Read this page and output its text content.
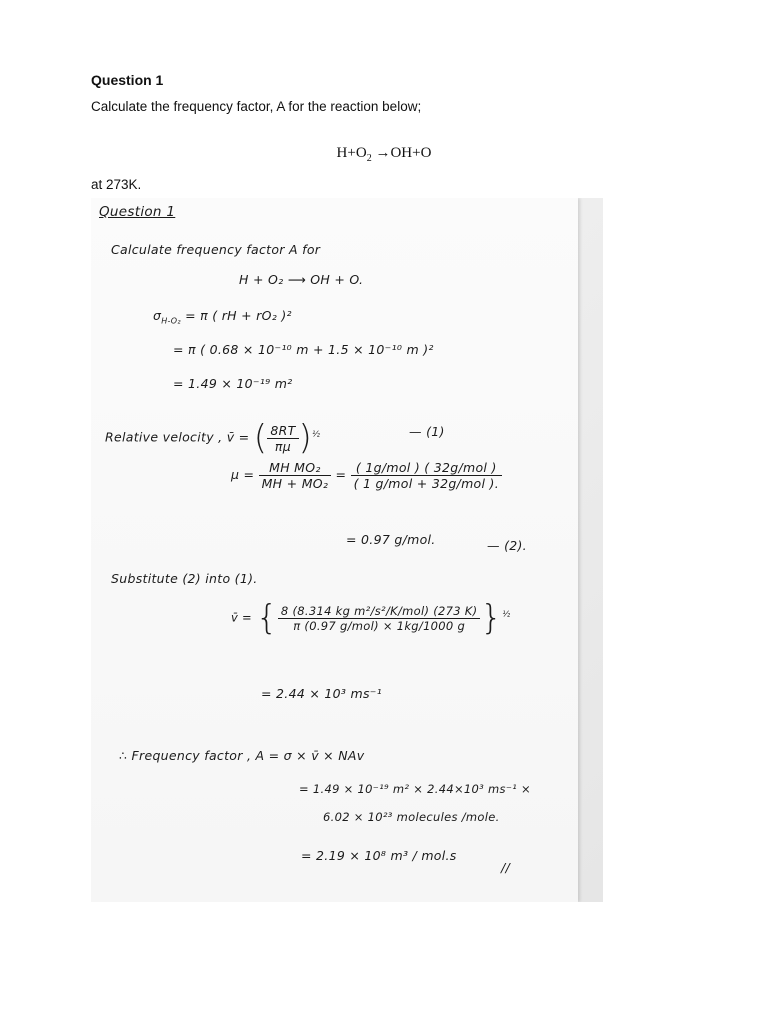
Question 1
Calculate the frequency factor, A for the reaction below;
$H+O_2 \to OH+O$
at 273K.
Question 1
Calculate frequency factor A for
H + O₂ ⟶ OH + O.
$\sigma_{H-O_2} = \pi$ ( rH + rO₂ )²
= π ( 0.68 × 10⁻¹⁰ m + 1.5 × 10⁻¹⁰ m )²
= 1.49 × 10⁻¹⁹ m²
Relative velocity , v̄ = ( $\frac{8RT}{\pi\mu} )^{\frac{1}{2}}$	— (1)
$\mu = \frac{\text{MH MO₂}}{\text{MH + MO₂}} = \frac{\text{( 1g/mol ) ( 32g/mol )}}{\text{( 1 g/mol + 32g/mol ).}}$
= 0.97 g/mol.	— (2).
Substitute (2) into (1).
v̄ = { $\frac{\text{8 (8.314 kg m²/s²/K/mol) (273 K)}}{\text{π (0.97 g/mol) × 1kg/1000 g}} \}^{\frac{1}{2}}$
= 2.44 × 10³ ms⁻¹
∴ Frequency factor , A = σ × v̄ × NAv
= 1.49 × 10⁻¹⁹ m² × 2.44×10³ ms⁻¹ ×
6.02 × 10²³ molecules /mole.
= 2.19 × 10⁸ m³ / mol.s
//
